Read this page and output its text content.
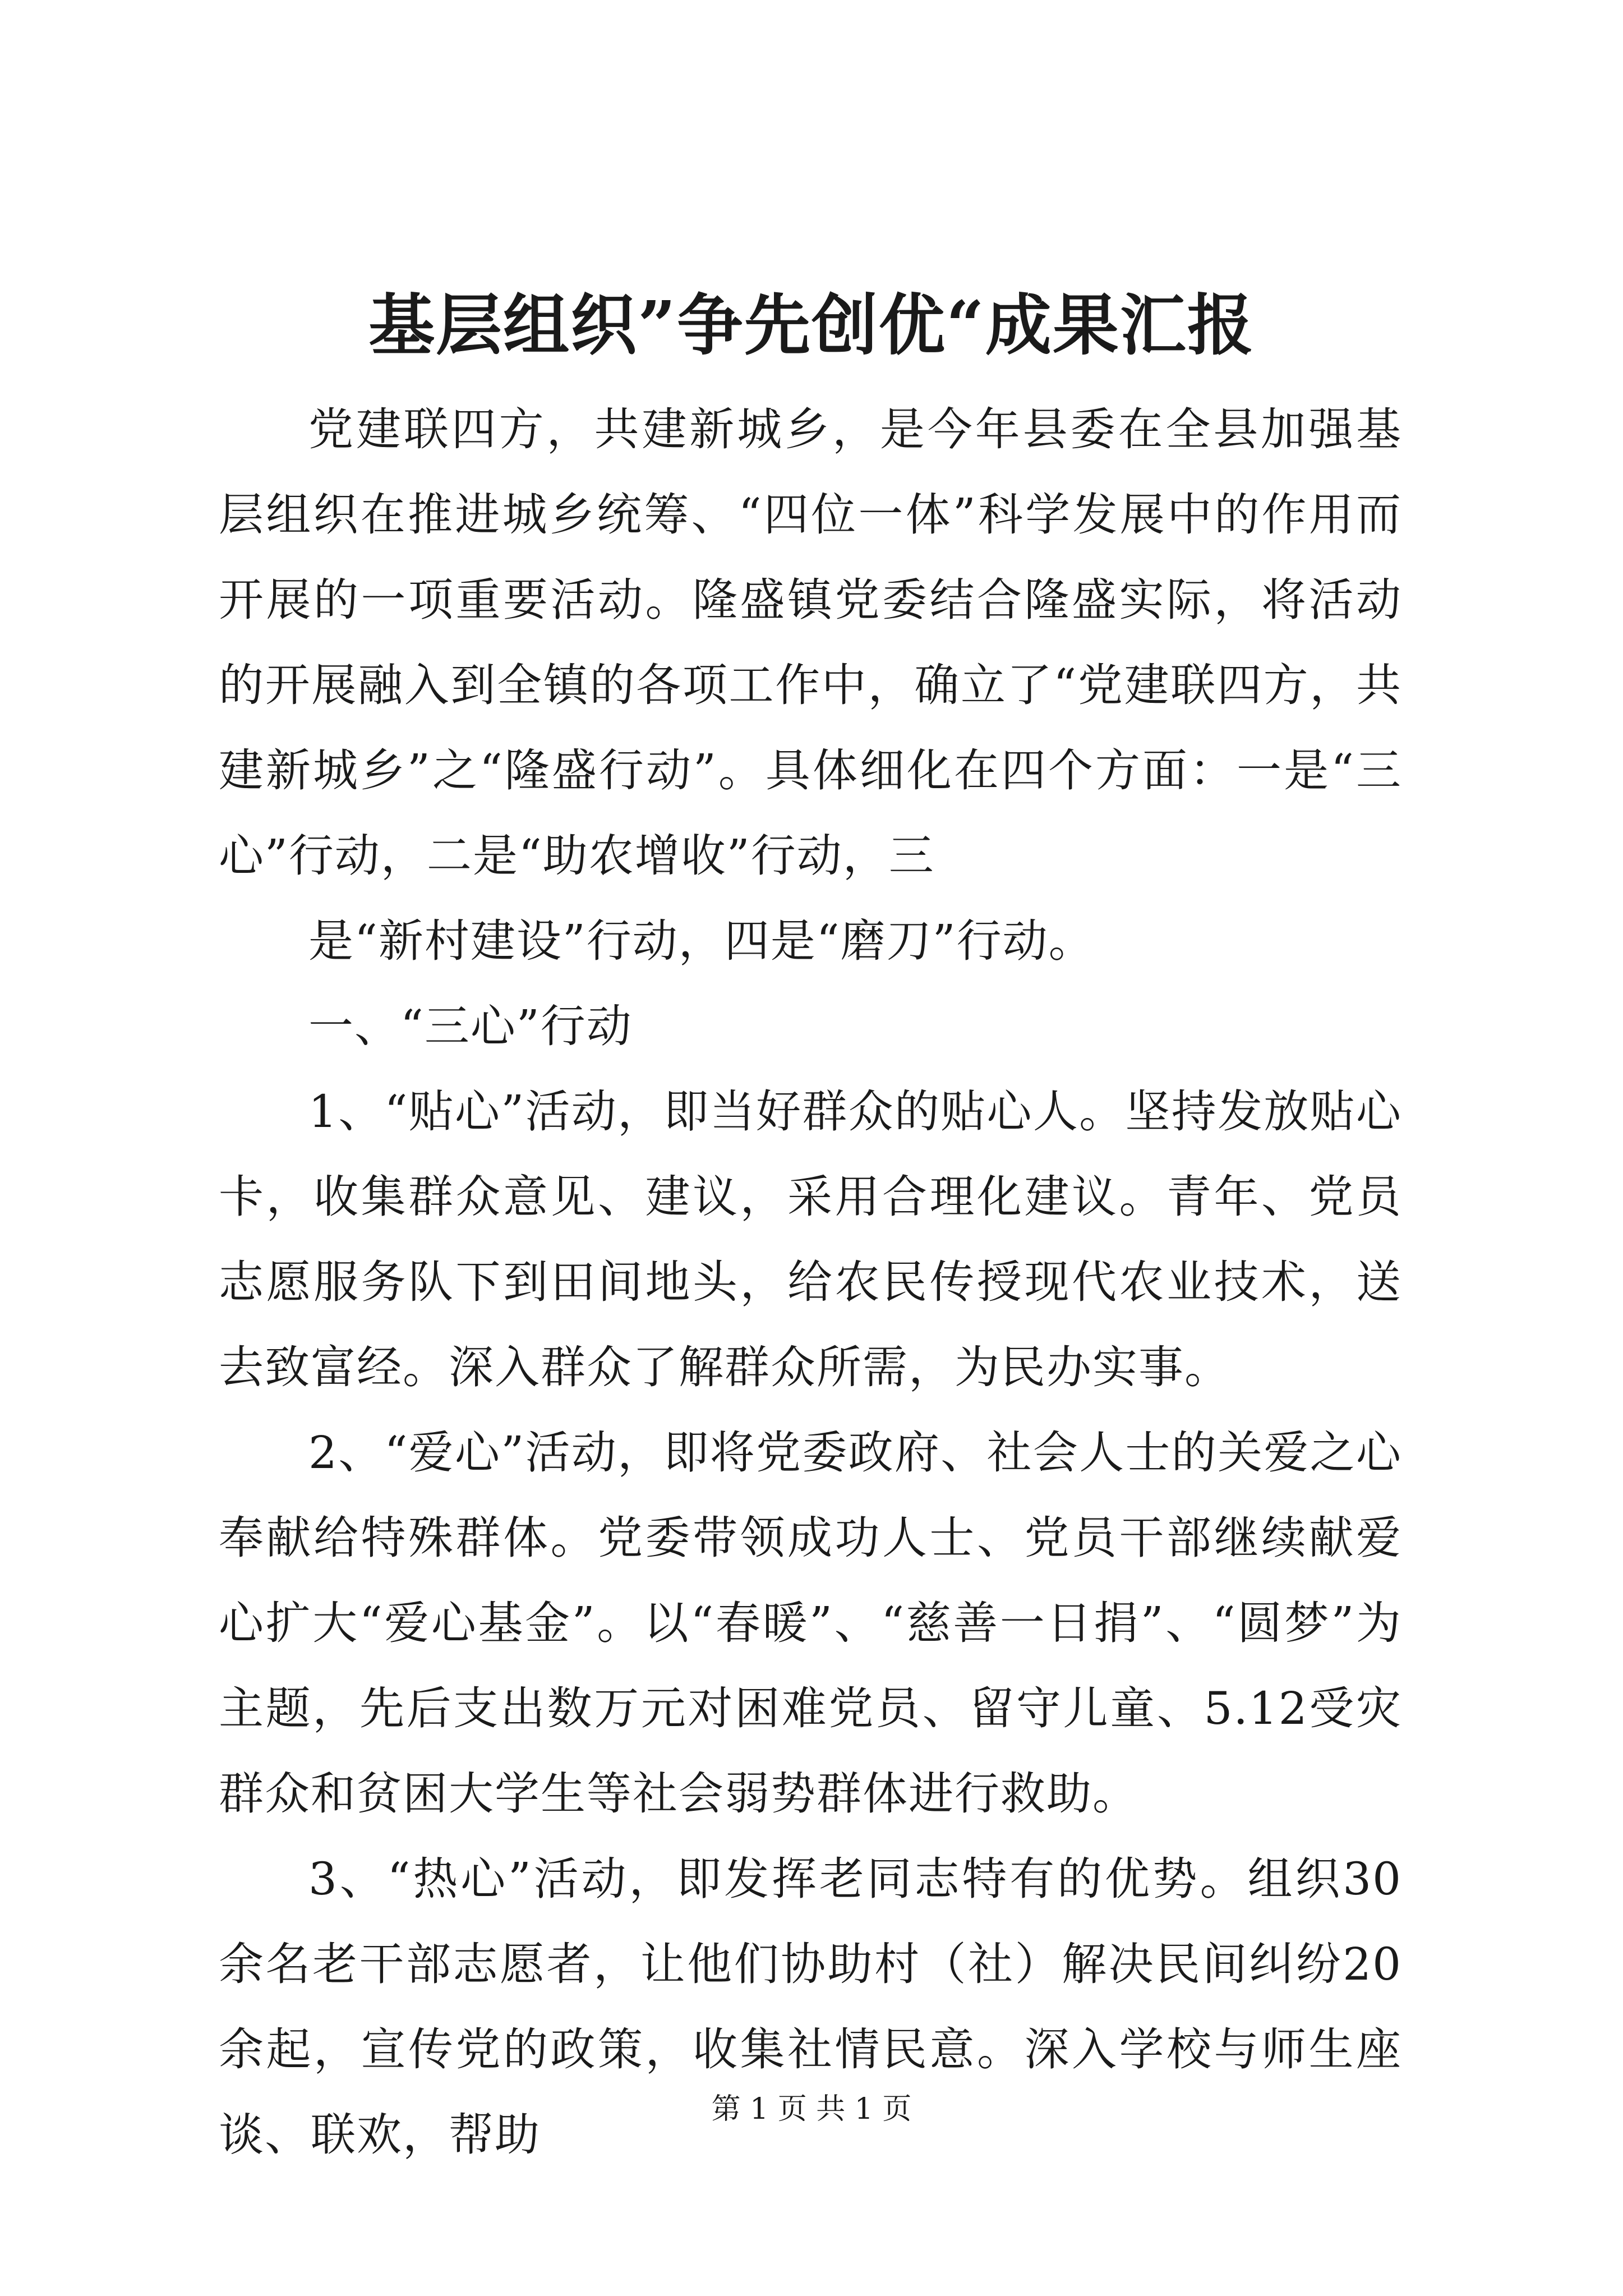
基层组织”争先创优“成果汇报

党建联四方，共建新城乡，是今年县委在全县加强基层组织在推进城乡统筹、“四位一体”科学发展中的作用而开展的一项重要活动。隆盛镇党委结合隆盛实际，将活动的开展融入到全镇的各项工作中，确立了“党建联四方，共建新城乡”之“隆盛行动”。具体细化在四个方面：一是“三心”行动，二是“助农增收”行动，三

是“新村建设”行动，四是“磨刀”行动。

一、“三心”行动

1、“贴心”活动，即当好群众的贴心人。坚持发放贴心卡，收集群众意见、建议，采用合理化建议。青年、党员志愿服务队下到田间地头，给农民传授现代农业技术，送去致富经。深入群众了解群众所需，为民办实事。

2、“爱心”活动，即将党委政府、社会人士的关爱之心奉献给特殊群体。党委带领成功人士、党员干部继续献爱心扩大“爱心基金”。以“春暖”、“慈善一日捐”、“圆梦”为主题，先后支出数万元对困难党员、留守儿童、5.12受灾群众和贫困大学生等社会弱势群体进行救助。

3、“热心”活动，即发挥老同志特有的优势。组织30余名老干部志愿者，让他们协助村（社）解决民间纠纷20余起，宣传党的政策，收集社情民意。深入学校与师生座谈、联欢，帮助	第 1 页 共 1 页
